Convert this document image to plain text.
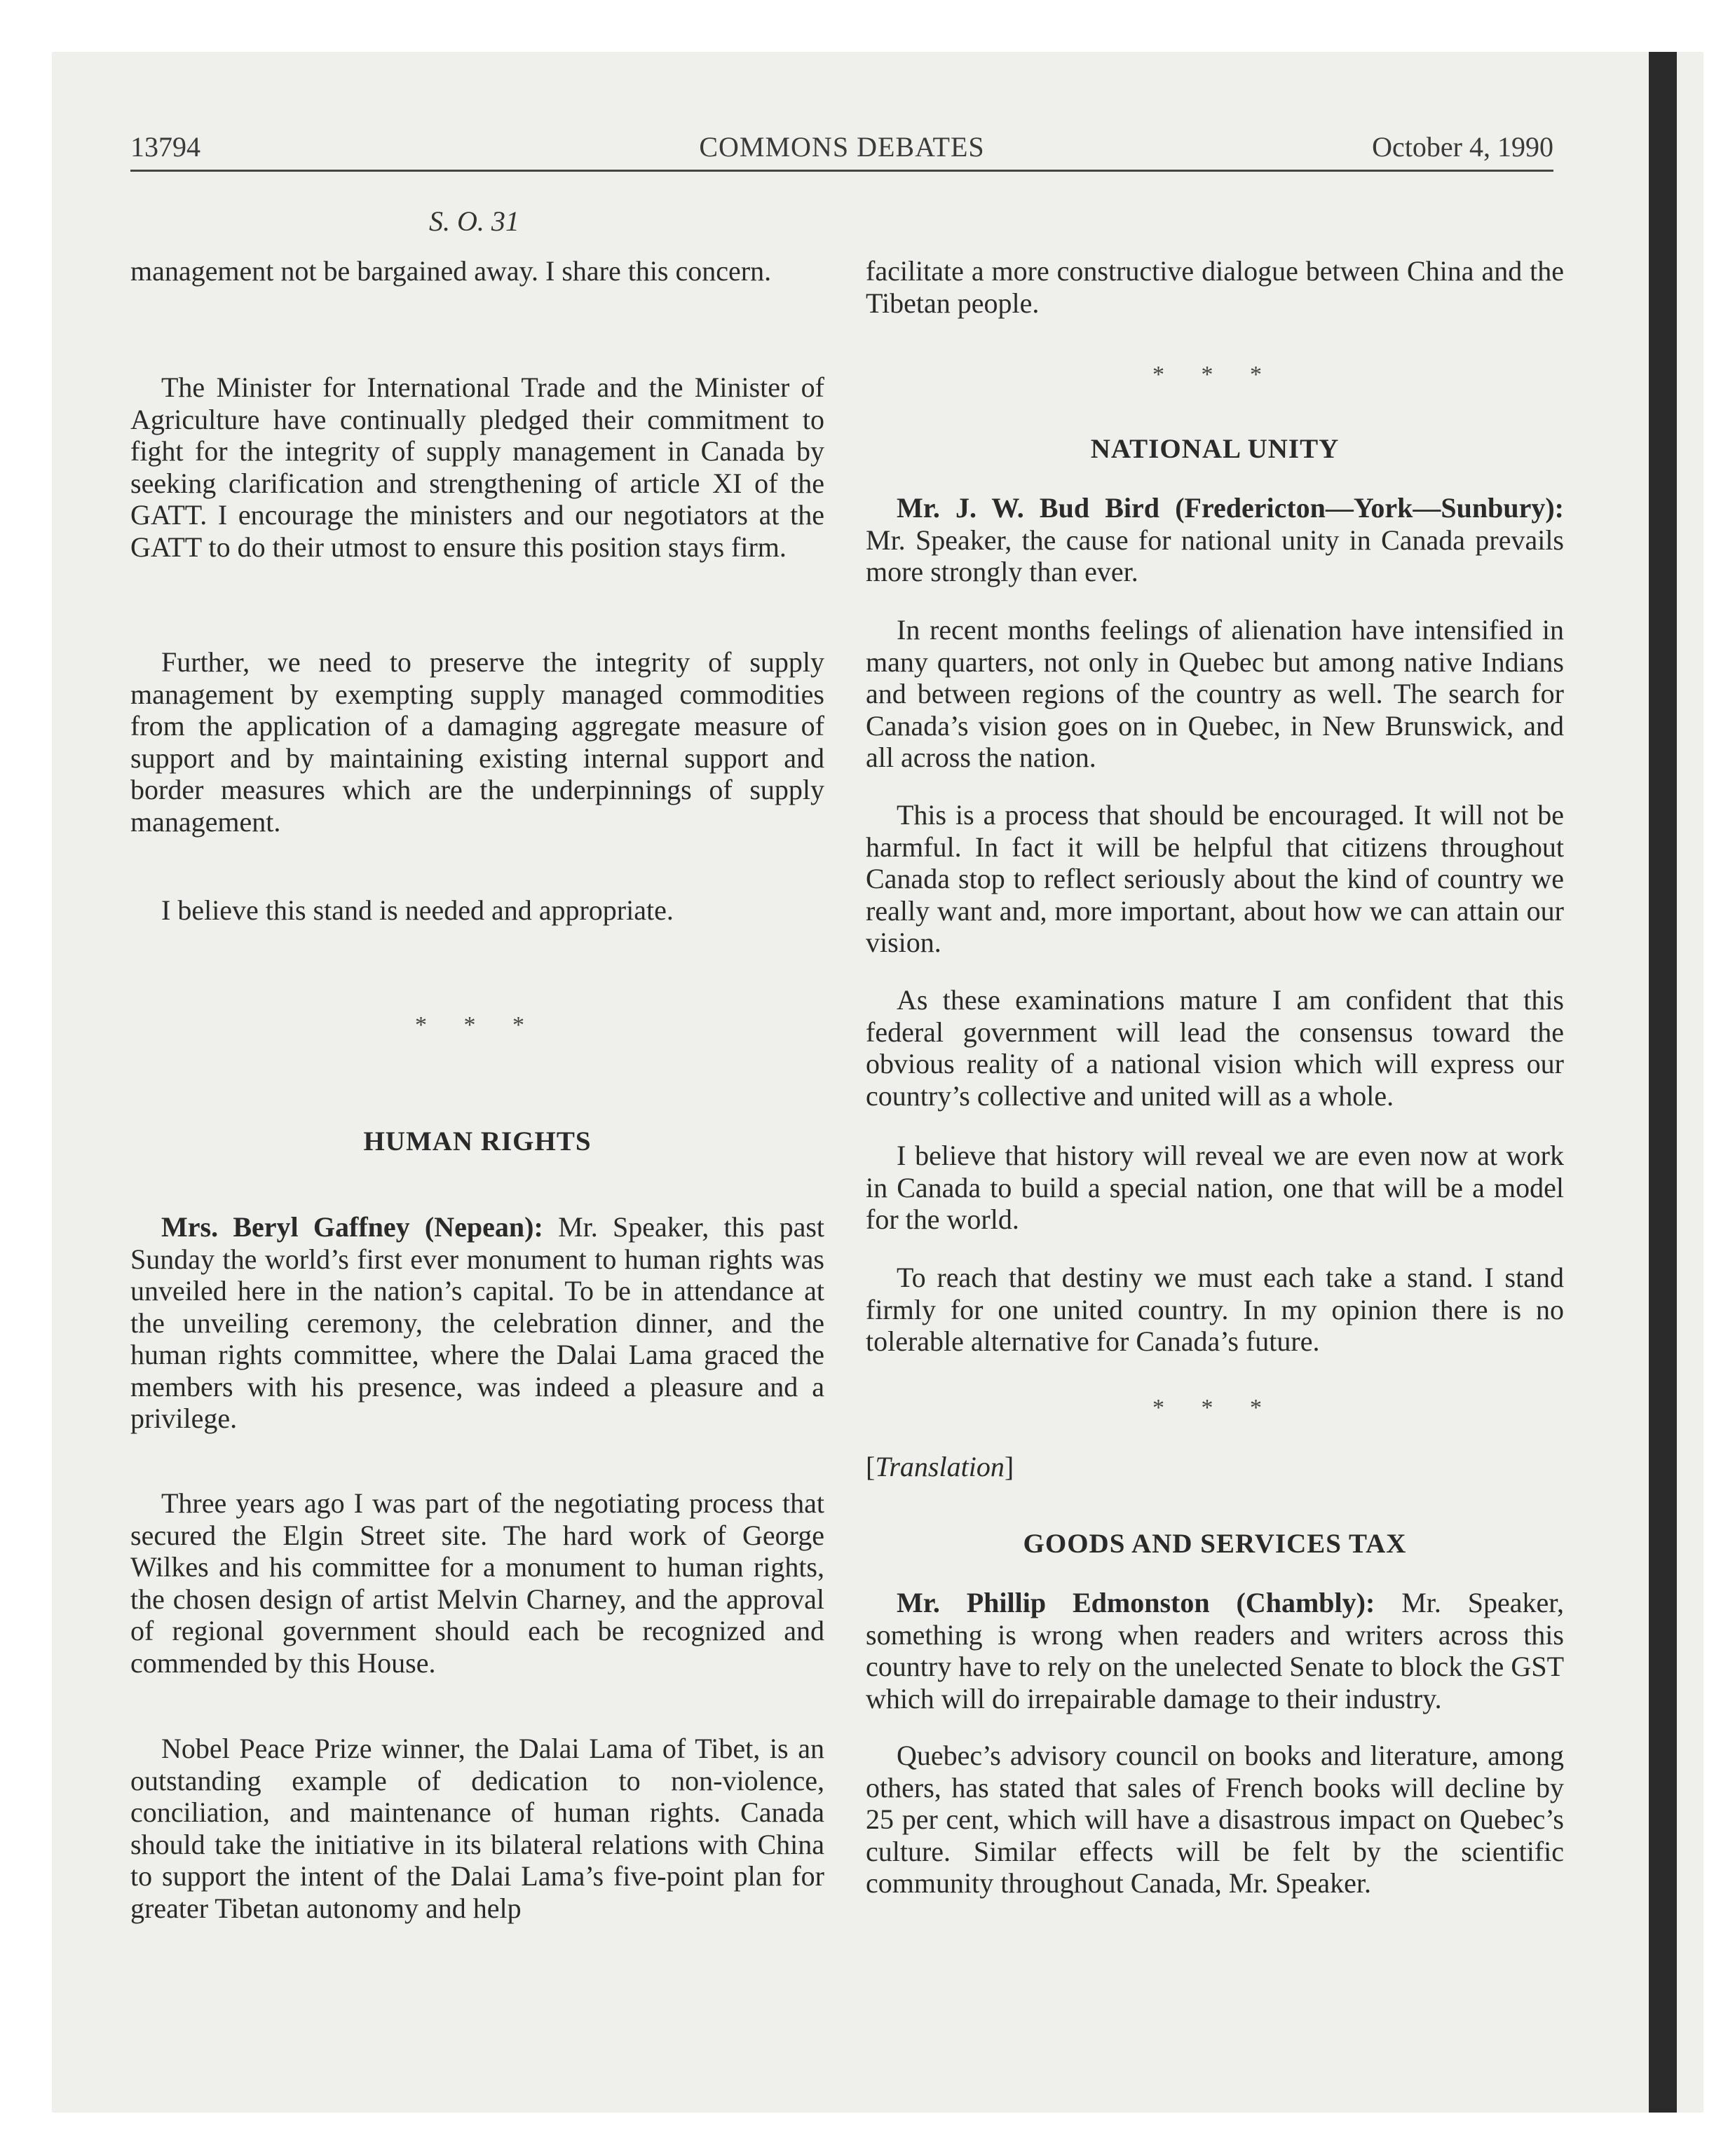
13794	COMMONS DEBATES	October 4, 1990
S. O. 31

management not be bargained away. I share this concern.

The Minister for International Trade and the Minister of Agriculture have continually pledged their commitment to fight for the integrity of supply management in Canada by seeking clarification and strengthening of article XI of the GATT. I encourage the ministers and our negotiators at the GATT to do their utmost to ensure this position stays firm.

Further, we need to preserve the integrity of supply management by exempting supply managed commodities from the application of a damaging aggregate measure of support and by maintaining existing internal support and border measures which are the underpinnings of supply management.

I believe this stand is needed and appropriate.

* * *
HUMAN RIGHTS

Mrs. Beryl Gaffney (Nepean): Mr. Speaker, this past Sunday the world’s first ever monument to human rights was unveiled here in the nation’s capital. To be in attendance at the unveiling ceremony, the celebration dinner, and the human rights committee, where the Dalai Lama graced the members with his presence, was indeed a pleasure and a privilege.

Three years ago I was part of the negotiating process that secured the Elgin Street site. The hard work of George Wilkes and his committee for a monument to human rights, the chosen design of artist Melvin Charney, and the approval of regional government should each be recognized and commended by this House.

Nobel Peace Prize winner, the Dalai Lama of Tibet, is an outstanding example of dedication to non-violence, conciliation, and maintenance of human rights. Canada should take the initiative in its bilateral relations with China to support the intent of the Dalai Lama’s five-point plan for greater Tibetan autonomy and help

facilitate a more constructive dialogue between China and the Tibetan people.

* * *
NATIONAL UNITY

Mr. J. W. Bud Bird (Fredericton—York—Sunbury): Mr. Speaker, the cause for national unity in Canada prevails more strongly than ever.

In recent months feelings of alienation have intensified in many quarters, not only in Quebec but among native Indians and between regions of the country as well. The search for Canada’s vision goes on in Quebec, in New Brunswick, and all across the nation.

This is a process that should be encouraged. It will not be harmful. In fact it will be helpful that citizens throughout Canada stop to reflect seriously about the kind of country we really want and, more important, about how we can attain our vision.

As these examinations mature I am confident that this federal government will lead the consensus toward the obvious reality of a national vision which will express our country’s collective and united will as a whole.

I believe that history will reveal we are even now at work in Canada to build a special nation, one that will be a model for the world.

To reach that destiny we must each take a stand. I stand firmly for one united country. In my opinion there is no tolerable alternative for Canada’s future.

* * *

[Translation]

GOODS AND SERVICES TAX

Mr. Phillip Edmonston (Chambly): Mr. Speaker, something is wrong when readers and writers across this country have to rely on the unelected Senate to block the GST which will do irrepairable damage to their industry.

Quebec’s advisory council on books and literature, among others, has stated that sales of French books will decline by 25 per cent, which will have a disastrous impact on Quebec’s culture. Similar effects will be felt by the scientific community throughout Canada, Mr. Speaker.
